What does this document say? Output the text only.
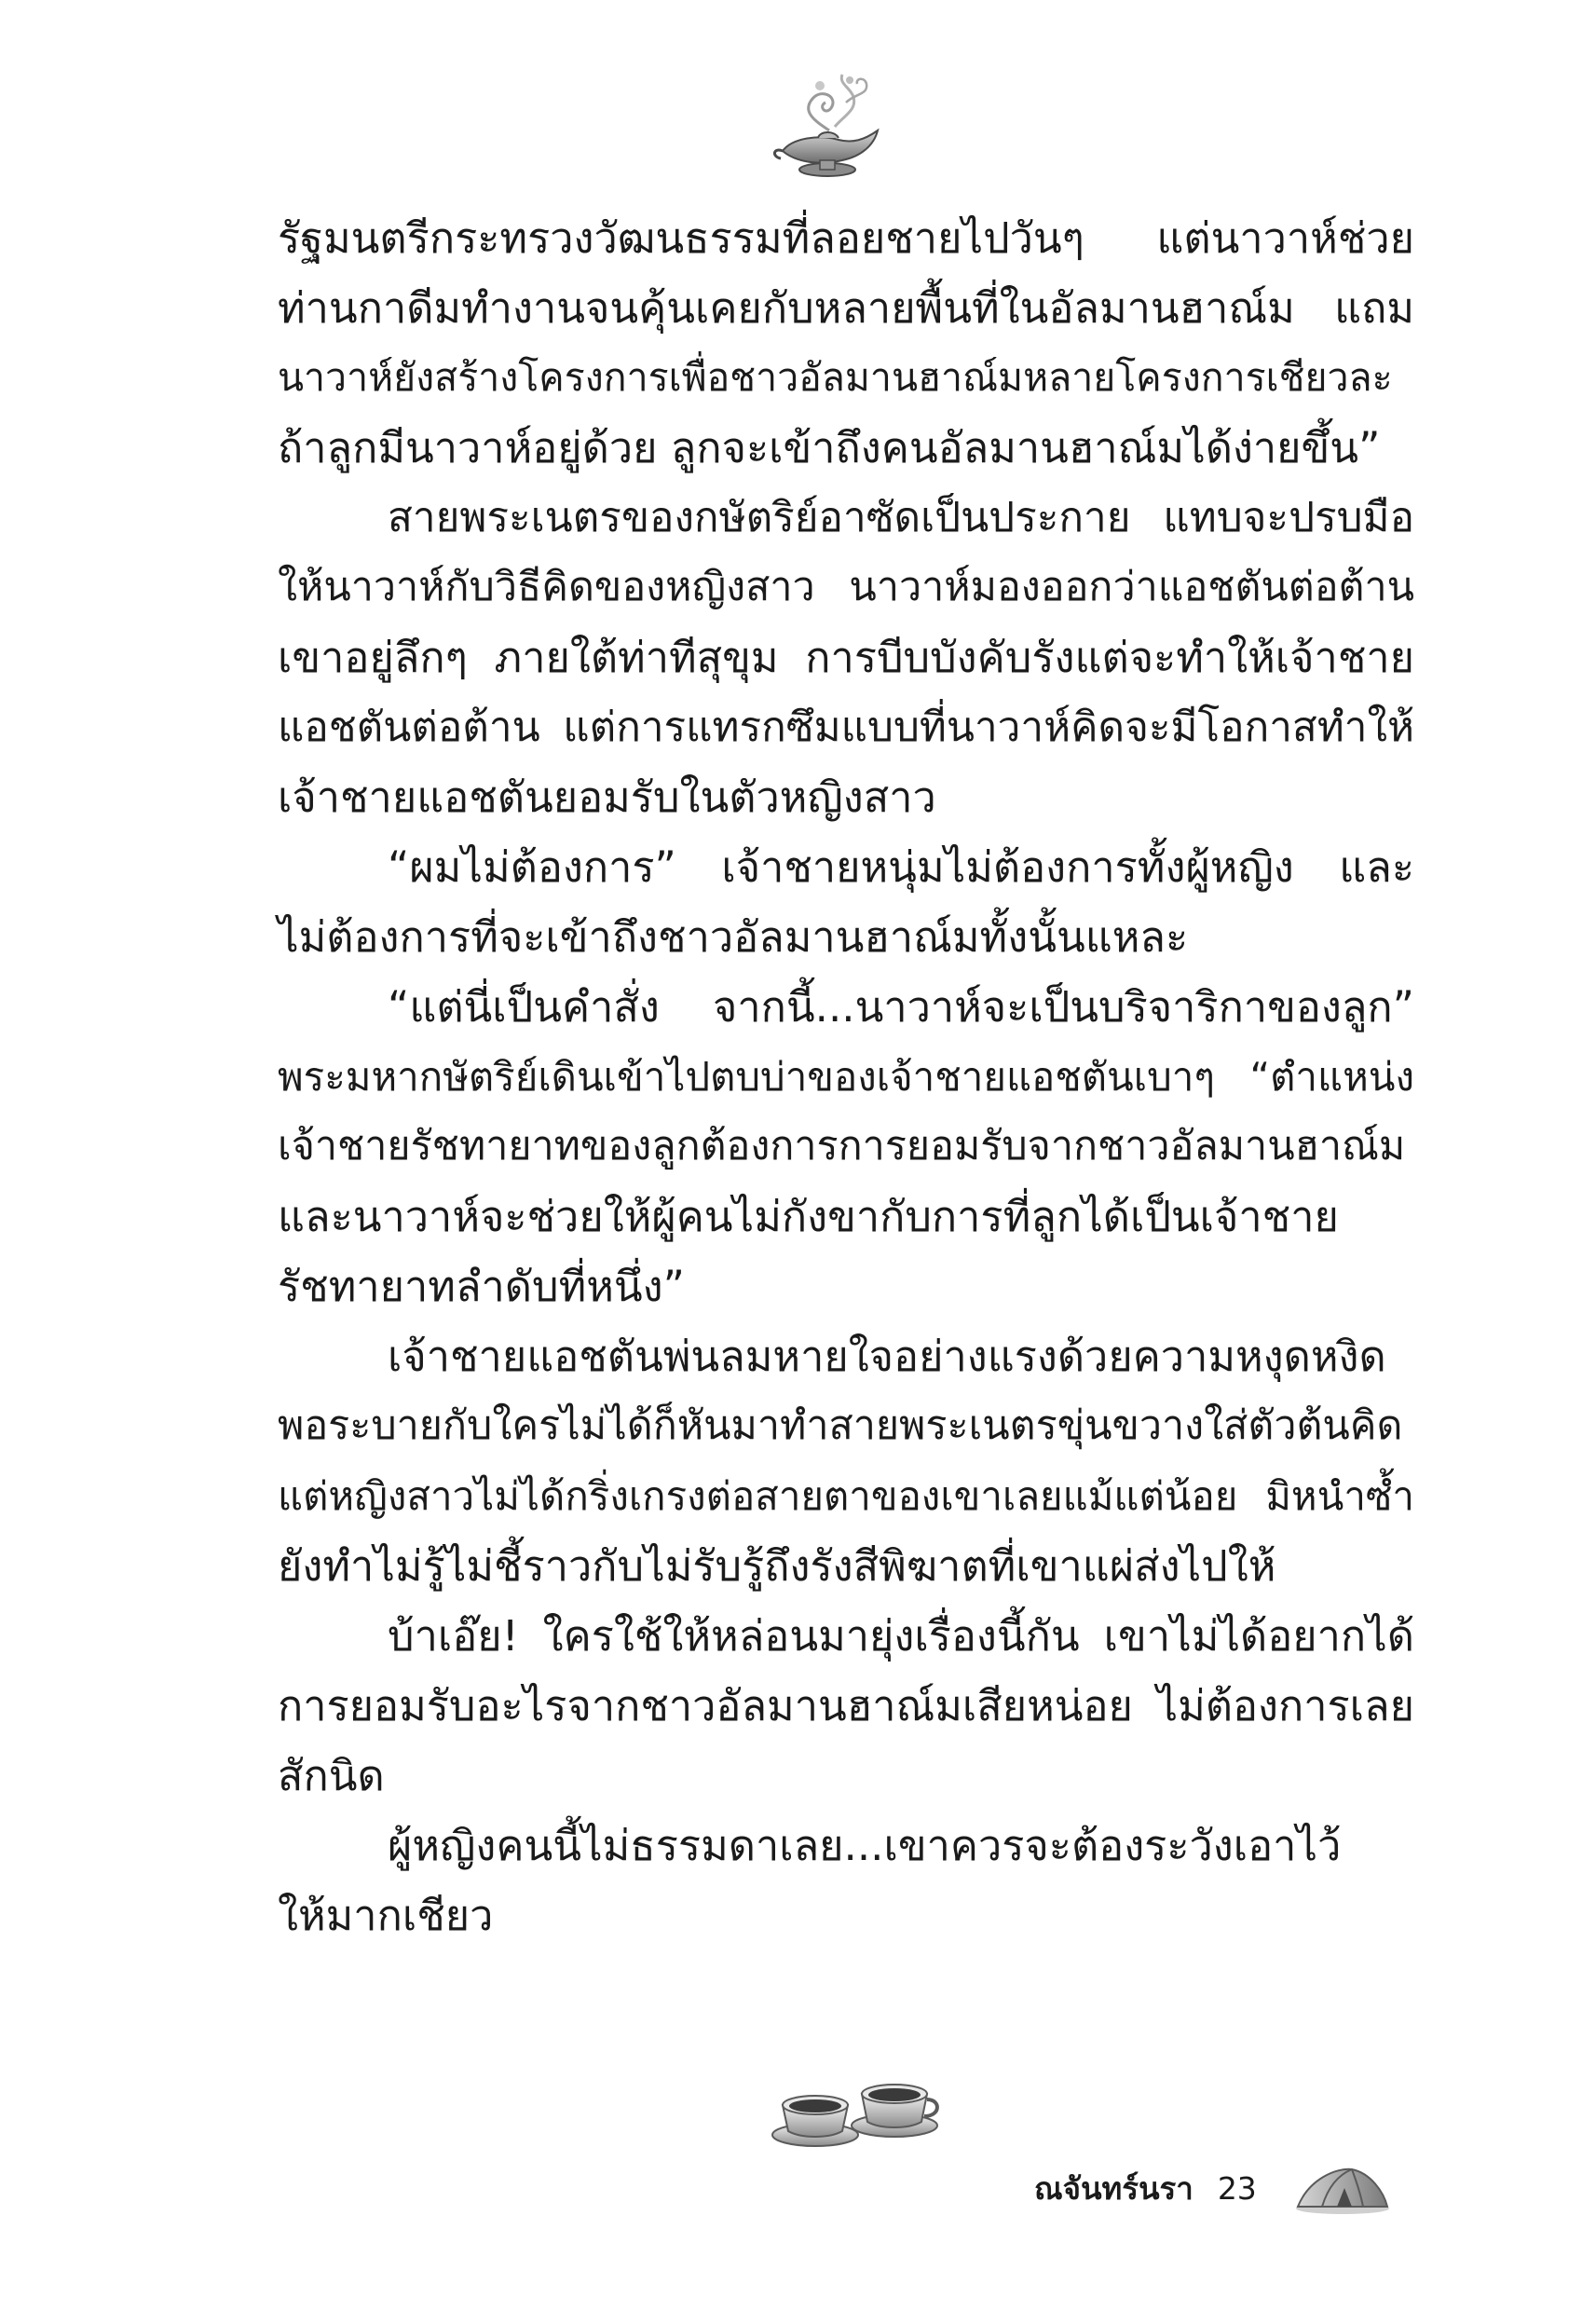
รัฐมนตรีกระทรวงวัฒนธรรมที่ลอยชายไปวันๆ แต่นาวาห์ช่วย
ท่านกาดีมทำงานจนคุ้นเคยกับหลายพื้นที่ในอัลมานฮาณ์ม แถม
นาวาห์ยังสร้างโครงการเพื่อชาวอัลมานฮาณ์มหลายโครงการเชียวละ
ถ้าลูกมีนาวาห์อยู่ด้วย ลูกจะเข้าถึงคนอัลมานฮาณ์มได้ง่ายขึ้น”
สายพระเนตรของกษัตริย์อาซัดเป็นประกาย แทบจะปรบมือ
ให้นาวาห์กับวิธีคิดของหญิงสาว นาวาห์มองออกว่าแอชตันต่อต้าน
เขาอยู่ลึกๆ ภายใต้ท่าทีสุขุม การบีบบังคับรังแต่จะทำให้เจ้าชาย
แอชตันต่อต้าน แต่การแทรกซึมแบบที่นาวาห์คิดจะมีโอกาสทำให้
เจ้าชายแอชตันยอมรับในตัวหญิงสาว
“ผมไม่ต้องการ” เจ้าชายหนุ่มไม่ต้องการทั้งผู้หญิง และ
ไม่ต้องการที่จะเข้าถึงชาวอัลมานฮาณ์มทั้งนั้นแหละ
“แต่นี่เป็นคำสั่ง จากนี้...นาวาห์จะเป็นบริจาริกาของลูก”
พระมหากษัตริย์เดินเข้าไปตบบ่าของเจ้าชายแอชตันเบาๆ “ตำแหน่ง
เจ้าชายรัชทายาทของลูกต้องการการยอมรับจากชาวอัลมานฮาณ์ม
และนาวาห์จะช่วยให้ผู้คนไม่กังขากับการที่ลูกได้เป็นเจ้าชาย
รัชทายาทลำดับที่หนึ่ง”
เจ้าชายแอชตันพ่นลมหายใจอย่างแรงด้วยความหงุดหงิด
พอระบายกับใครไม่ได้ก็หันมาทำสายพระเนตรขุ่นขวางใส่ตัวต้นคิด
แต่หญิงสาวไม่ได้กริ่งเกรงต่อสายตาของเขาเลยแม้แต่น้อย มิหนำซ้ำ
ยังทำไม่รู้ไม่ชี้ราวกับไม่รับรู้ถึงรังสีพิฆาตที่เขาแผ่ส่งไปให้
บ้าเอ๊ย! ใครใช้ให้หล่อนมายุ่งเรื่องนี้กัน เขาไม่ได้อยากได้
การยอมรับอะไรจากชาวอัลมานฮาณ์มเสียหน่อย ไม่ต้องการเลย
สักนิด
ผู้หญิงคนนี้ไม่ธรรมดาเลย...เขาควรจะต้องระวังเอาไว้
ให้มากเชียว
ณจันทร์นรา 23
